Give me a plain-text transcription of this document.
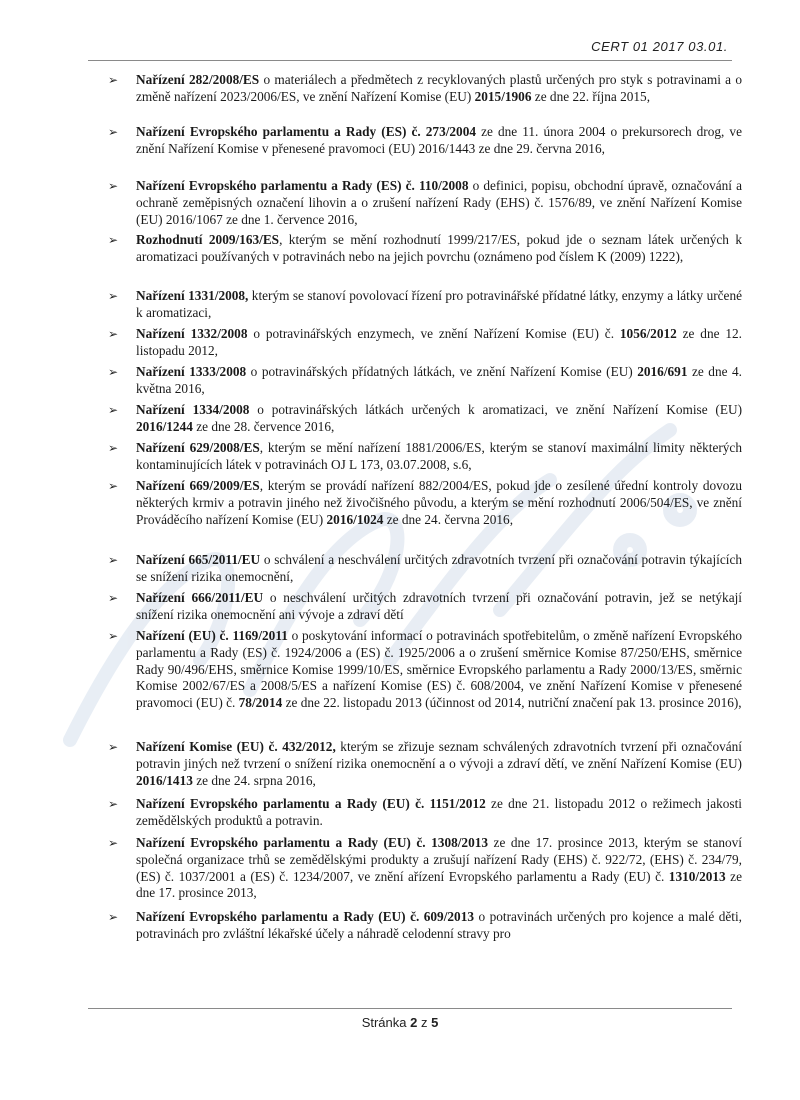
CERT 01 2017 03.01.
➢ Nařízení 282/2008/ES o materiálech a předmětech z recyklovaných plastů určených pro styk s potravinami a o změně nařízení 2023/2006/ES, ve znění Nařízení Komise (EU) 2015/1906 ze dne 22. října 2015,
➢ Nařízení Evropského parlamentu a Rady (ES) č. 273/2004 ze dne 11. února 2004 o prekursorech drog, ve znění Nařízení Komise v přenesené pravomoci (EU) 2016/1443 ze dne 29. června 2016,
➢ Nařízení Evropského parlamentu a Rady (ES) č. 110/2008 o definici, popisu, obchodní úpravě, označování a ochraně zeměpisných označení lihovin a o zrušení nařízení Rady (EHS) č. 1576/89, ve znění Nařízení Komise (EU) 2016/1067 ze dne 1. července 2016,
➢ Rozhodnutí 2009/163/ES, kterým se mění rozhodnutí 1999/217/ES, pokud jde o seznam látek určených k aromatizaci používaných v potravinách nebo na jejich povrchu (oznámeno pod číslem K (2009) 1222),
➢ Nařízení 1331/2008, kterým se stanoví povolovací řízení pro potravinářské přídatné látky, enzymy a látky určené k aromatizaci,
➢ Nařízení 1332/2008 o potravinářských enzymech, ve znění Nařízení Komise (EU) č. 1056/2012 ze dne 12. listopadu 2012,
➢ Nařízení 1333/2008 o potravinářských přídatných látkách, ve znění Nařízení Komise (EU) 2016/691 ze dne 4. května 2016,
➢ Nařízení 1334/2008 o potravinářských látkách určených k aromatizaci, ve znění Nařízení Komise (EU) 2016/1244 ze dne 28. července 2016,
➢ Nařízení 629/2008/ES, kterým se mění nařízení 1881/2006/ES, kterým se stanoví maximální limity některých kontaminujících látek v potravinách OJ L 173, 03.07.2008, s.6,
➢ Nařízení 669/2009/ES, kterým se provádí nařízení 882/2004/ES, pokud jde o zesílené úřední kontroly dovozu některých krmiv a potravin jiného než živočišného původu, a kterým se mění rozhodnutí 2006/504/ES, ve znění Prováděcího nařízení Komise (EU) 2016/1024 ze dne 24. června 2016,
➢ Nařízení 665/2011/EU o schválení a neschválení určitých zdravotních tvrzení při označování potravin týkajících se snížení rizika onemocnění,
➢ Nařízení 666/2011/EU o neschválení určitých zdravotních tvrzení při označování potravin, jež se netýkají snížení rizika onemocnění ani vývoje a zdraví dětí
➢ Nařízení (EU) č. 1169/2011 o poskytování informací o potravinách spotřebitelům, o změně nařízení Evropského parlamentu a Rady (ES) č. 1924/2006 a (ES) č. 1925/2006 a o zrušení směrnice Komise 87/250/EHS, směrnice Rady 90/496/EHS, směrnice Komise 1999/10/ES, směrnice Evropského parlamentu a Rady 2000/13/ES, směrnic Komise 2002/67/ES a 2008/5/ES a nařízení Komise (ES) č. 608/2004, ve znění Nařízení Komise v přenesené pravomoci (EU) č. 78/2014 ze dne 22. listopadu 2013 (účinnost od 2014, nutriční značení pak 13. prosince 2016),
➢ Nařízení Komise (EU) č. 432/2012, kterým se zřizuje seznam schválených zdravotních tvrzení při označování potravin jiných než tvrzení o snížení rizika onemocnění a o vývoji a zdraví dětí, ve znění Nařízení Komise (EU) 2016/1413 ze dne 24. srpna 2016,
➢ Nařízení Evropského parlamentu a Rady (EU) č. 1151/2012 ze dne 21. listopadu 2012 o režimech jakosti zemědělských produktů a potravin.
➢ Nařízení Evropského parlamentu a Rady (EU) č. 1308/2013 ze dne 17. prosince 2013, kterým se stanoví společná organizace trhů se zemědělskými produkty a zrušují nařízení Rady (EHS) č. 922/72, (EHS) č. 234/79, (ES) č. 1037/2001 a (ES) č. 1234/2007, ve znění ařízení Evropského parlamentu a Rady (EU) č. 1310/2013 ze dne 17. prosince 2013,
➢ Nařízení Evropského parlamentu a Rady (EU) č. 609/2013 o potravinách určených pro kojence a malé děti, potravinách pro zvláštní lékařské účely a náhradě celodenní stravy pro
Stránka 2 z 5
